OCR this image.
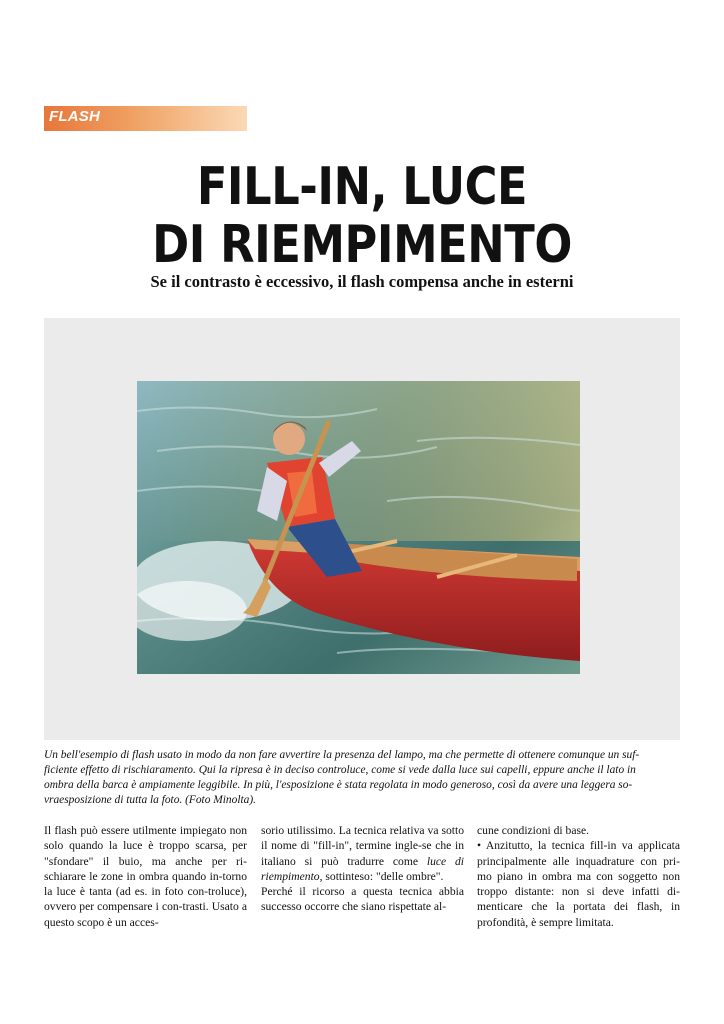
FLASH
FILL-IN, LUCE
DI RIEMPIMENTO
Se il contrasto è eccessivo, il flash compensa anche in esterni

Un bell'esempio di flash usato in modo da non fare avvertire la presenza del lampo, ma che permette di ottenere comunque un suf-

ficiente effetto di rischiaramento. Qui la ripresa è in deciso controluce, come si vede dalla luce sui capelli, eppure anche il lato in

ombra della barca è ampiamente leggibile. In più, l'esposizione è stata regolata in modo generoso, così da avere una leggera so-

vraesposizione di tutta la foto. (Foto Minolta).

Il flash può essere utilmente impiegato non solo quando la luce è troppo scarsa, per "sfondare" il buio, ma anche per ri-schiarare le zone in ombra quando in-torno la luce è tanta (ad es. in foto con-troluce), ovvero per compensare i con-trasti. Usato a questo scopo è un acces-

sorio utilissimo. La tecnica relativa va sotto il nome di "fill-in", termine ingle-se che in italiano si può tradurre come luce di riempimento, sottinteso: "delle ombre".

Perché il ricorso a questa tecnica abbia successo occorre che siano rispettate al-

cune condizioni di base.

• Anzitutto, la tecnica fill-in va applicata principalmente alle inquadrature con pri-mo piano in ombra ma con soggetto non troppo distante: non si deve infatti di-menticare che la portata dei flash, in profondità, è sempre limitata.
